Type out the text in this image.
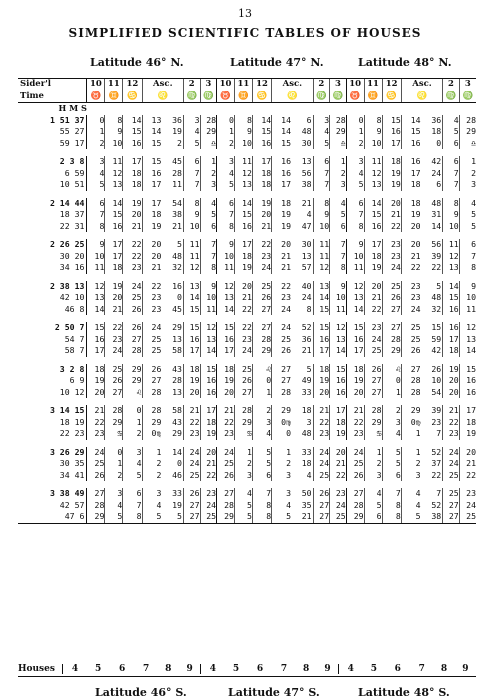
13
SIMPLIFIED SCIENTIFIC TABLES OF HOUSES
Latitude 46° N.	Latitude 47° N.	Latitude 48° N.
Sider'l	10	11	12	Asc.		2	3	10	11	12	Asc.		2	3	10	11	12	Asc.		2	3
Time	♉	♊	♋	♌		♍	♍	♉	♊	♋	♌		♍	♍	♉	♊	♋	♌		♍	♍
H M S																					
1 51 37	0	8	14	13	36	3	28	0	8	14	14	6	3	28	0	8	15	14	36	4	28
55 27	1	9	15	14	19	4	29	1	9	15	14	48	4	29	1	9	16	15	18	5	29
59 17	2	10	16	15	2	5	♎	2	10	16	15	30	5	♎	2	10	17	16	0	6	♎

2 3 8	3	11	17	15	45	6	1	3	11	17	16	13	6	1	3	11	18	16	42	6	1
6 59	4	12	18	16	28	7	2	4	12	18	16	56	7	2	4	12	19	17	24	7	2
10 51	5	13	18	17	11	7	3	5	13	18	17	38	7	3	5	13	19	18	6	7	3

2 14 44	6	14	19	17	54	8	4	6	14	19	18	21	8	4	6	14	20	18	48	8	4
18 37	7	15	20	18	38	9	5	7	15	20	19	4	9	5	7	15	21	19	31	9	5
22 31	8	16	21	19	21	10	6	8	16	21	19	47	10	6	8	16	22	20	14	10	5

2 26 25	9	17	22	20	5	11	7	9	17	22	20	30	11	7	9	17	23	20	56	11	6
30 20	10	17	22	20	48	11	7	10	18	23	21	13	11	7	10	18	23	21	39	12	7
34 16	11	18	23	21	32	12	8	11	19	24	21	57	12	8	11	19	24	22	22	13	8

2 38 13	12	19	24	22	16	13	9	12	20	25	22	40	13	9	12	20	25	23	5	14	9
42 10	13	20	25	23	0	14	10	13	21	26	23	24	14	10	13	21	26	23	48	15	10
46 8	14	21	26	23	45	15	11	14	22	27	24	8	15	11	14	22	27	24	32	16	11

2 50 7	15	22	26	24	29	15	12	15	22	27	24	52	15	12	15	23	27	25	15	16	12
54 7	16	23	27	25	13	16	13	16	23	28	25	36	16	13	16	24	28	25	59	17	13
58 7	17	24	28	25	58	17	14	17	24	29	26	21	17	14	17	25	29	26	42	18	14

3 2 8	18	25	29	26	43	18	15	18	25	♌	27	5	18	15	18	26	♌	27	26	19	15
6 9	19	26	29	27	28	19	16	19	26	0	27	49	19	16	19	27	0	28	10	20	16
10 12	20	27	♌	28	13	20	16	20	27	1	28	33	20	16	20	27	1	28	54	20	16

3 14 15	21	28	0	28	58	21	17	21	28	2	29	18	21	17	21	28	2	29	39	21	17
18 19	22	29	1	29	43	22	18	22	29	3	0♍	3	22	18	22	29	3	0♍	23	22	18
22 23	23	♋	2	0♍	29	23	19	23	♋	4	0	48	23	19	23	♋	4	1	7	23	19

3 26 29	24	0	3	1	14	24	20	24	1	5	1	33	24	20	24	1	5	1	52	24	20
30 35	25	1	4	2	0	24	21	25	2	5	2	18	24	21	25	2	5	2	37	24	21
34 41	26	2	5	2	46	25	22	26	3	6	3	4	25	22	26	3	6	3	22	25	22

3 38 49	27	3	6	3	33	26	23	27	4	7	3	50	26	23	27	4	7	4	7	25	23
42 57	28	4	7	4	19	27	24	28	5	8	4	35	27	24	28	5	8	4	52	27	24
47 6	29	5	8	5	5	27	25	29	5	8	5	21	27	25	29	6	8	5	38	27	25
Houses	4	5	6	7	8	9	4	5	6	7	8	9	4	5	6	7	8	9
Latitude 46° S.	Latitude 47° S.	Latitude 48° S.
